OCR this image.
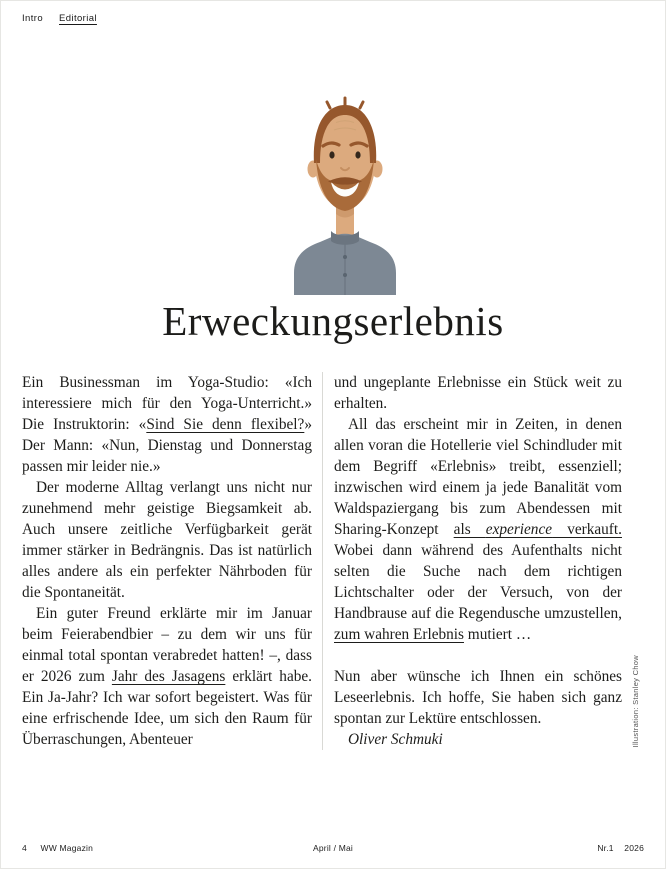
Intro Editorial
Erweckungserlebnis

Ein Businessman im Yoga-Studio: «Ich interessiere mich für den Yoga-Unterricht.» Die Instruktorin: «Sind Sie denn flexibel?» Der Mann: «Nun, Dienstag und Donnerstag passen mir leider nie.»

Der moderne Alltag verlangt uns nicht nur zunehmend mehr geistige Biegsamkeit ab. Auch unsere zeitliche Verfügbarkeit gerät immer stärker in Bedrängnis. Das ist natürlich alles andere als ein perfekter Nährboden für die Spontaneität.

Ein guter Freund erklärte mir im Januar beim Feierabendbier – zu dem wir uns für einmal total spontan verabredet hatten! –, dass er 2026 zum Jahr des Jasagens erklärt habe. Ein Ja-Jahr? Ich war sofort begeistert. Was für eine erfrischende Idee, um sich den Raum für Überraschungen, Abenteuer

und ungeplante Erlebnisse ein Stück weit zu erhalten.

All das erscheint mir in Zeiten, in denen allen voran die Hotellerie viel Schindluder mit dem Begriff «Erlebnis» treibt, essenziell; inzwischen wird einem ja jede Banalität vom Waldspaziergang bis zum Abendessen mit Sharing-Konzept als experience verkauft. Wobei dann während des Aufenthalts nicht selten die Suche nach dem richtigen Lichtschalter oder der Versuch, von der Handbrause auf die Regendusche umzustellen, zum wahren Erlebnis mutiert …

Nun aber wünsche ich Ihnen ein schönes Leseerlebnis. Ich hoffe, Sie haben sich ganz spontan zur Lektüre entschlossen.

Oliver Schmuki	Illustration: Stanley Chow
4 WW Magazin	April / Mai	Nr.1 2026
